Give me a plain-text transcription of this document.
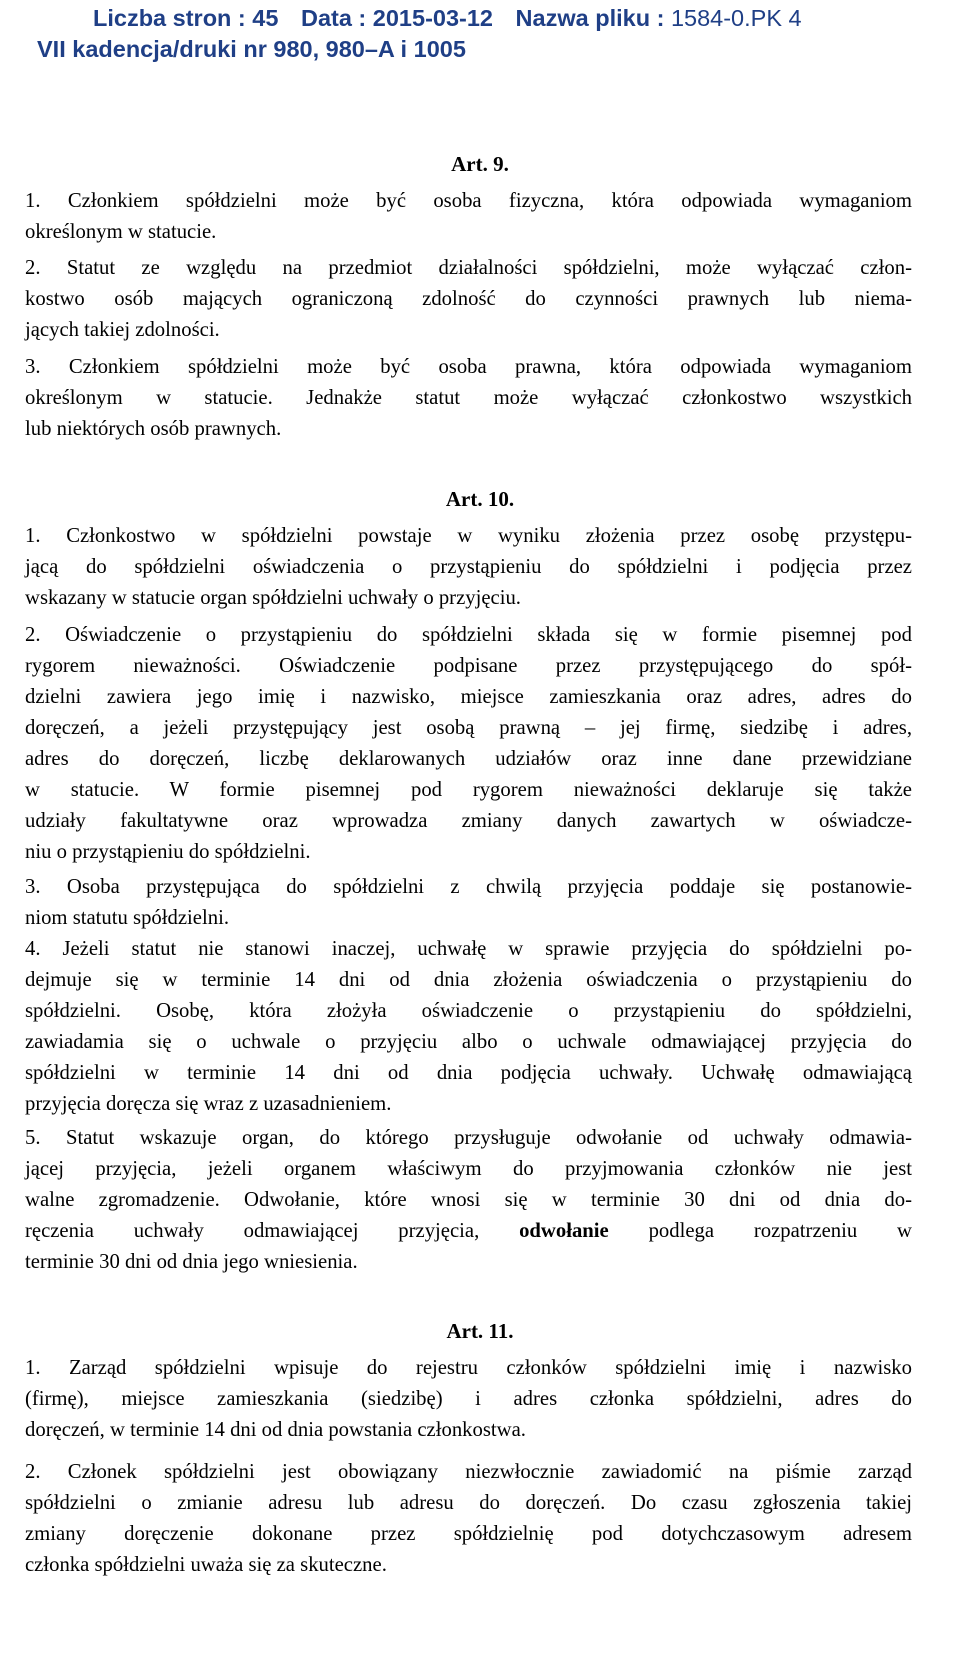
Liczba stron : 45 Data : 2015-03-12 Nazwa pliku : 1584-0.PK 4
VII kadencja/druki nr 980, 980–A i 1005
Art. 9.
1. Członkiem spółdzielni może być osoba fizyczna, która odpowiada wymaganiom
określonym w statucie.
2. Statut ze względu na przedmiot działalności spółdzielni, może wyłączać człon-
kostwo osób mających ograniczoną zdolność do czynności prawnych lub niema-
jących takiej zdolności.
3. Członkiem spółdzielni może być osoba prawna, która odpowiada wymaganiom
określonym w statucie. Jednakże statut może wyłączać członkostwo wszystkich
lub niektórych osób prawnych.
Art. 10.
1. Członkostwo w spółdzielni powstaje w wyniku złożenia przez osobę przystępu-
jącą do spółdzielni oświadczenia o przystąpieniu do spółdzielni i podjęcia przez
wskazany w statucie organ spółdzielni uchwały o przyjęciu.
2. Oświadczenie o przystąpieniu do spółdzielni składa się w formie pisemnej pod
rygorem nieważności. Oświadczenie podpisane przez przystępującego do spół-
dzielni zawiera jego imię i nazwisko, miejsce zamieszkania oraz adres, adres do
doręczeń, a jeżeli przystępujący jest osobą prawną – jej firmę, siedzibę i adres,
adres do doręczeń, liczbę deklarowanych udziałów oraz inne dane przewidziane
w statucie. W formie pisemnej pod rygorem nieważności deklaruje się także
udziały fakultatywne oraz wprowadza zmiany danych zawartych w oświadcze-
niu o przystąpieniu do spółdzielni.
3. Osoba przystępująca do spółdzielni z chwilą przyjęcia poddaje się postanowie-
niom statutu spółdzielni.
4. Jeżeli statut nie stanowi inaczej, uchwałę w sprawie przyjęcia do spółdzielni po-
dejmuje się w terminie 14 dni od dnia złożenia oświadczenia o przystąpieniu do
spółdzielni. Osobę, która złożyła oświadczenie o przystąpieniu do spółdzielni,
zawiadamia się o uchwale o przyjęciu albo o uchwale odmawiającej przyjęcia do
spółdzielni w terminie 14 dni od dnia podjęcia uchwały. Uchwałę odmawiającą
przyjęcia doręcza się wraz z uzasadnieniem.
5. Statut wskazuje organ, do którego przysługuje odwołanie od uchwały odmawia-
jącej przyjęcia, jeżeli organem właściwym do przyjmowania członków nie jest
walne zgromadzenie. Odwołanie, które wnosi się w terminie 30 dni od dnia do-
ręczenia uchwały odmawiającej przyjęcia, odwołanie podlega rozpatrzeniu w
terminie 30 dni od dnia jego wniesienia.
Art. 11.
1. Zarząd spółdzielni wpisuje do rejestru członków spółdzielni imię i nazwisko
(firmę), miejsce zamieszkania (siedzibę) i adres członka spółdzielni, adres do
doręczeń, w terminie 14 dni od dnia powstania członkostwa.
2. Członek spółdzielni jest obowiązany niezwłocznie zawiadomić na piśmie zarząd
spółdzielni o zmianie adresu lub adresu do doręczeń. Do czasu zgłoszenia takiej
zmiany doręczenie dokonane przez spółdzielnię pod dotychczasowym adresem
członka spółdzielni uważa się za skuteczne.
